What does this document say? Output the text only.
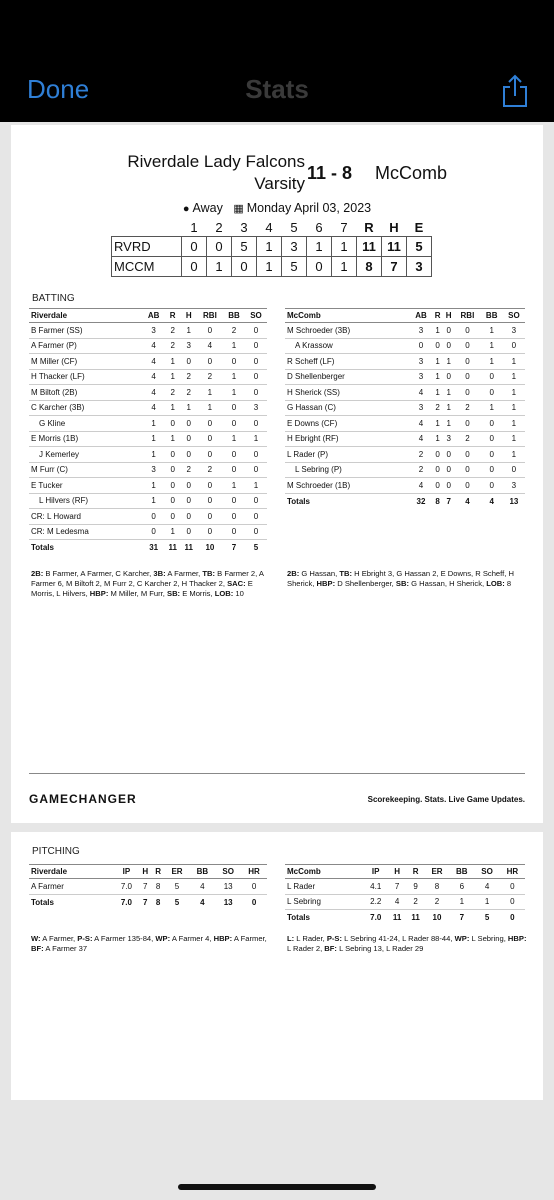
Done	Stats
Riverdale Lady Falcons
Varsity
11 - 8 McComb
● Away ▦ Monday April 03, 2023
	1	2	3	4	5	6	7	R	H	E
RVRD	0	0	5	1	3	1	1	11	11	5
MCCM	0	1	0	1	5	0	1	8	7	3
BATTING
Riverdale	AB	R	H	RBI	BB	SO
B Farmer (SS)	3	2	1	0	2	0
A Farmer (P)	4	2	3	4	1	0
M Miller (CF)	4	1	0	0	0	0
H Thacker (LF)	4	1	2	2	1	0
M Biltoft (2B)	4	2	2	1	1	0
C Karcher (3B)	4	1	1	1	0	3
G Kline	1	0	0	0	0	0
E Morris (1B)	1	1	0	0	1	1
J Kemerley	1	0	0	0	0	0
M Furr (C)	3	0	2	2	0	0
E Tucker	1	0	0	0	1	1
L Hilvers (RF)	1	0	0	0	0	0
CR: L Howard	0	0	0	0	0	0
CR: M Ledesma	0	1	0	0	0	0
Totals	31	11	11	10	7	5
McComb	AB	R	H	RBI	BB	SO
M Schroeder (3B)	3	1	0	0	1	3
A Krassow	0	0	0	0	1	0
R Scheff (LF)	3	1	1	0	1	1
D Shellenberger	3	1	0	0	0	1
H Sherick (SS)	4	1	1	0	0	1
G Hassan (C)	3	2	1	2	1	1
E Downs (CF)	4	1	1	0	0	1
H Ebright (RF)	4	1	3	2	0	1
L Rader (P)	2	0	0	0	0	1
L Sebring (P)	2	0	0	0	0	0
M Schroeder (1B)	4	0	0	0	0	3
Totals	32	8	7	4	4	13
2B: B Farmer, A Farmer, C Karcher, 3B: A Farmer, TB: B Farmer 2, A Farmer 6, M Biltoft 2, M Furr 2, C Karcher 2, H Thacker 2, SAC: E Morris, L Hilvers, HBP: M Miller, M Furr, SB: E Morris, LOB: 10
2B: G Hassan, TB: H Ebright 3, G Hassan 2, E Downs, R Scheff, H Sherick, HBP: D Shellenberger, SB: G Hassan, H Sherick, LOB: 8
GAMECHANGER	Scorekeeping. Stats. Live Game Updates.
PITCHING
Riverdale	IP	H	R	ER	BB	SO	HR
A Farmer	7.0	7	8	5	4	13	0
Totals	7.0	7	8	5	4	13	0
McComb	IP	H	R	ER	BB	SO	HR
L Rader	4.1	7	9	8	6	4	0
L Sebring	2.2	4	2	2	1	1	0
Totals	7.0	11	11	10	7	5	0
W: A Farmer, P-S: A Farmer 135-84, WP: A Farmer 4, HBP: A Farmer, BF: A Farmer 37
L: L Rader, P-S: L Sebring 41-24, L Rader 88-44, WP: L Sebring, HBP: L Rader 2, BF: L Sebring 13, L Rader 29
